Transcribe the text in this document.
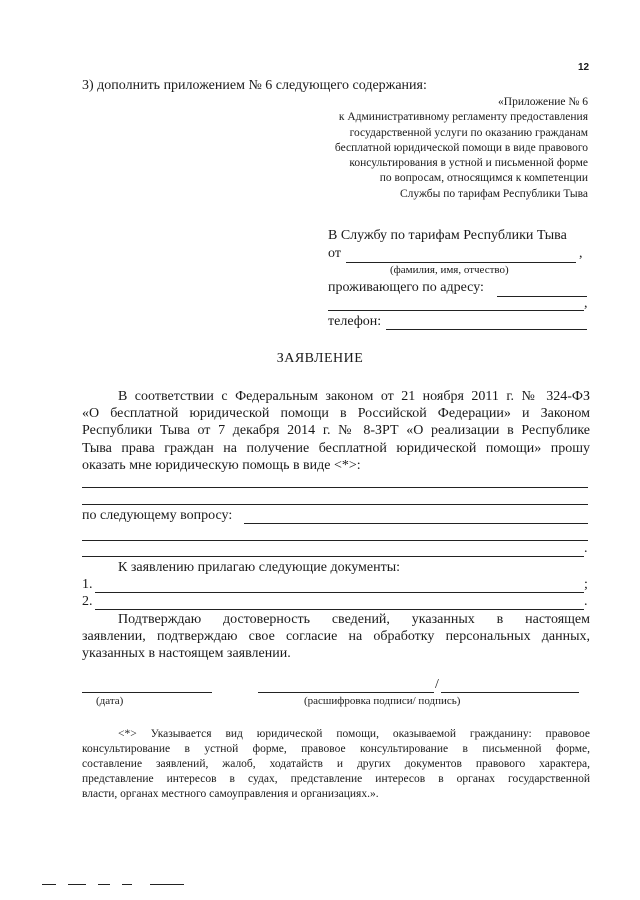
12
3) дополнить приложением № 6 следующего содержания:
«Приложение № 6
к Административному регламенту предоставления
государственной услуги по оказанию гражданам
бесплатной юридической помощи в виде правового
консультирования в устной и письменной форме
по вопросам, относящимся к компетенции
Службы по тарифам Республики Тыва
В Службу по тарифам Республики Тыва
от	,
(фамилия, имя, отчество)
проживающего по адресу:
,
телефон:
ЗАЯВЛЕНИЕ
В соответствии с Федеральным законом от 21 ноября 2011 г. № 324-ФЗ
«О бесплатной юридической помощи в Российской Федерации» и Законом
Республики Тыва от 7 декабря 2014 г. № 8-ЗРТ «О реализации в Республике
Тыва права граждан на получение бесплатной юридической помощи» прошу
оказать мне юридическую помощь в виде <*>:
по следующему вопросу:
.
К заявлению прилагаю следующие документы:
1.	;
2.	.
Подтверждаю достоверность сведений, указанных в настоящем
заявлении, подтверждаю свое согласие на обработку персональных данных,
указанных в настоящем заявлении.
(дата)
/
(расшифровка подписи/ подпись)
<*> Указывается вид юридической помощи, оказываемой гражданину: правовое
консультирование в устной форме, правовое консультирование в письменной форме,
составление заявлений, жалоб, ходатайств и других документов правового характера,
представление интересов в судах, представление интересов в органах государственной
власти, органах местного самоуправления и организациях.».
